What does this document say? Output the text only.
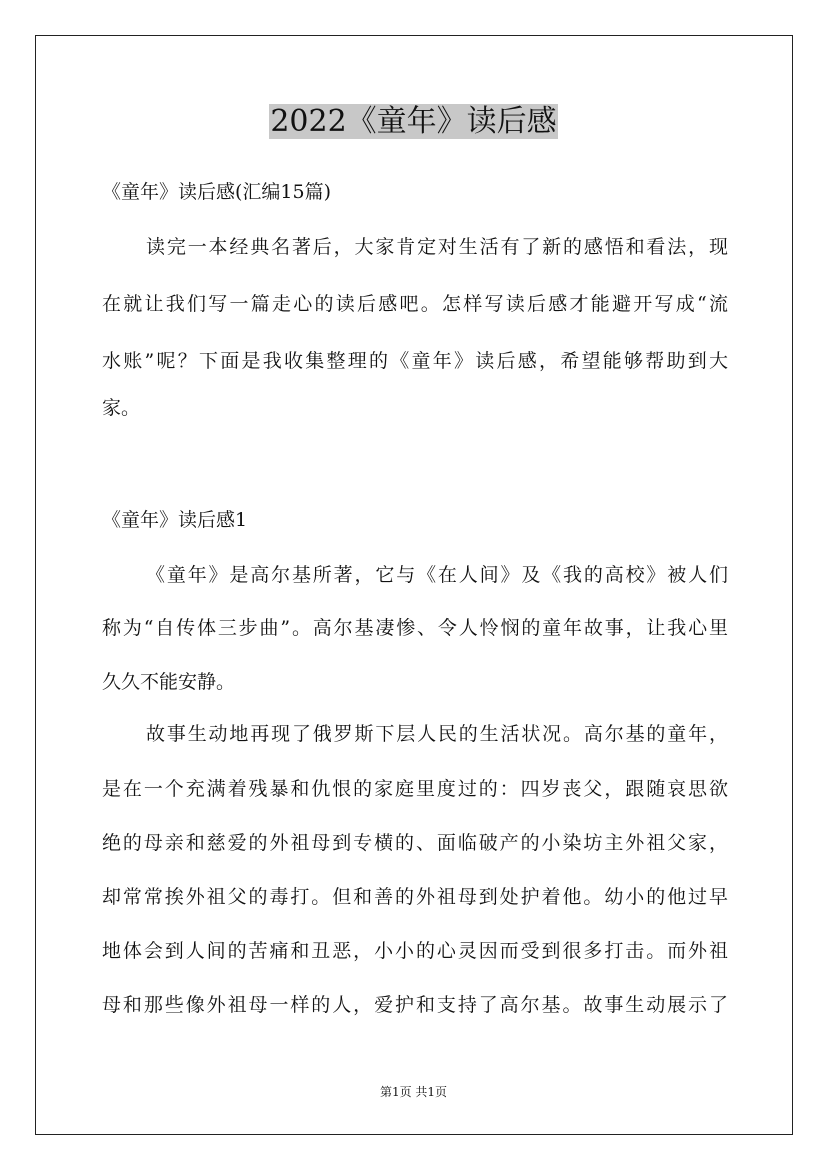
2022《童年》读后感

《童年》读后感(汇编15篇)

读完一本经典名著后，大家肯定对生活有了新的感悟和看法，现

在就让我们写一篇走心的读后感吧。怎样写读后感才能避开写成“流

水账”呢？下面是我收集整理的《童年》读后感，希望能够帮助到大

家。

《童年》读后感1

《童年》是高尔基所著，它与《在人间》及《我的高校》被人们

称为“自传体三步曲”。高尔基凄惨、令人怜悯的童年故事，让我心里

久久不能安静。

故事生动地再现了俄罗斯下层人民的生活状况。高尔基的童年，

是在一个充满着残暴和仇恨的家庭里度过的：四岁丧父，跟随哀思欲

绝的母亲和慈爱的外祖母到专横的、面临破产的小染坊主外祖父家，

却常常挨外祖父的毒打。但和善的外祖母到处护着他。幼小的他过早

地体会到人间的苦痛和丑恶，小小的心灵因而受到很多打击。而外祖

母和那些像外祖母一样的人，爱护和支持了高尔基。故事生动展示了

第1页 共1页
